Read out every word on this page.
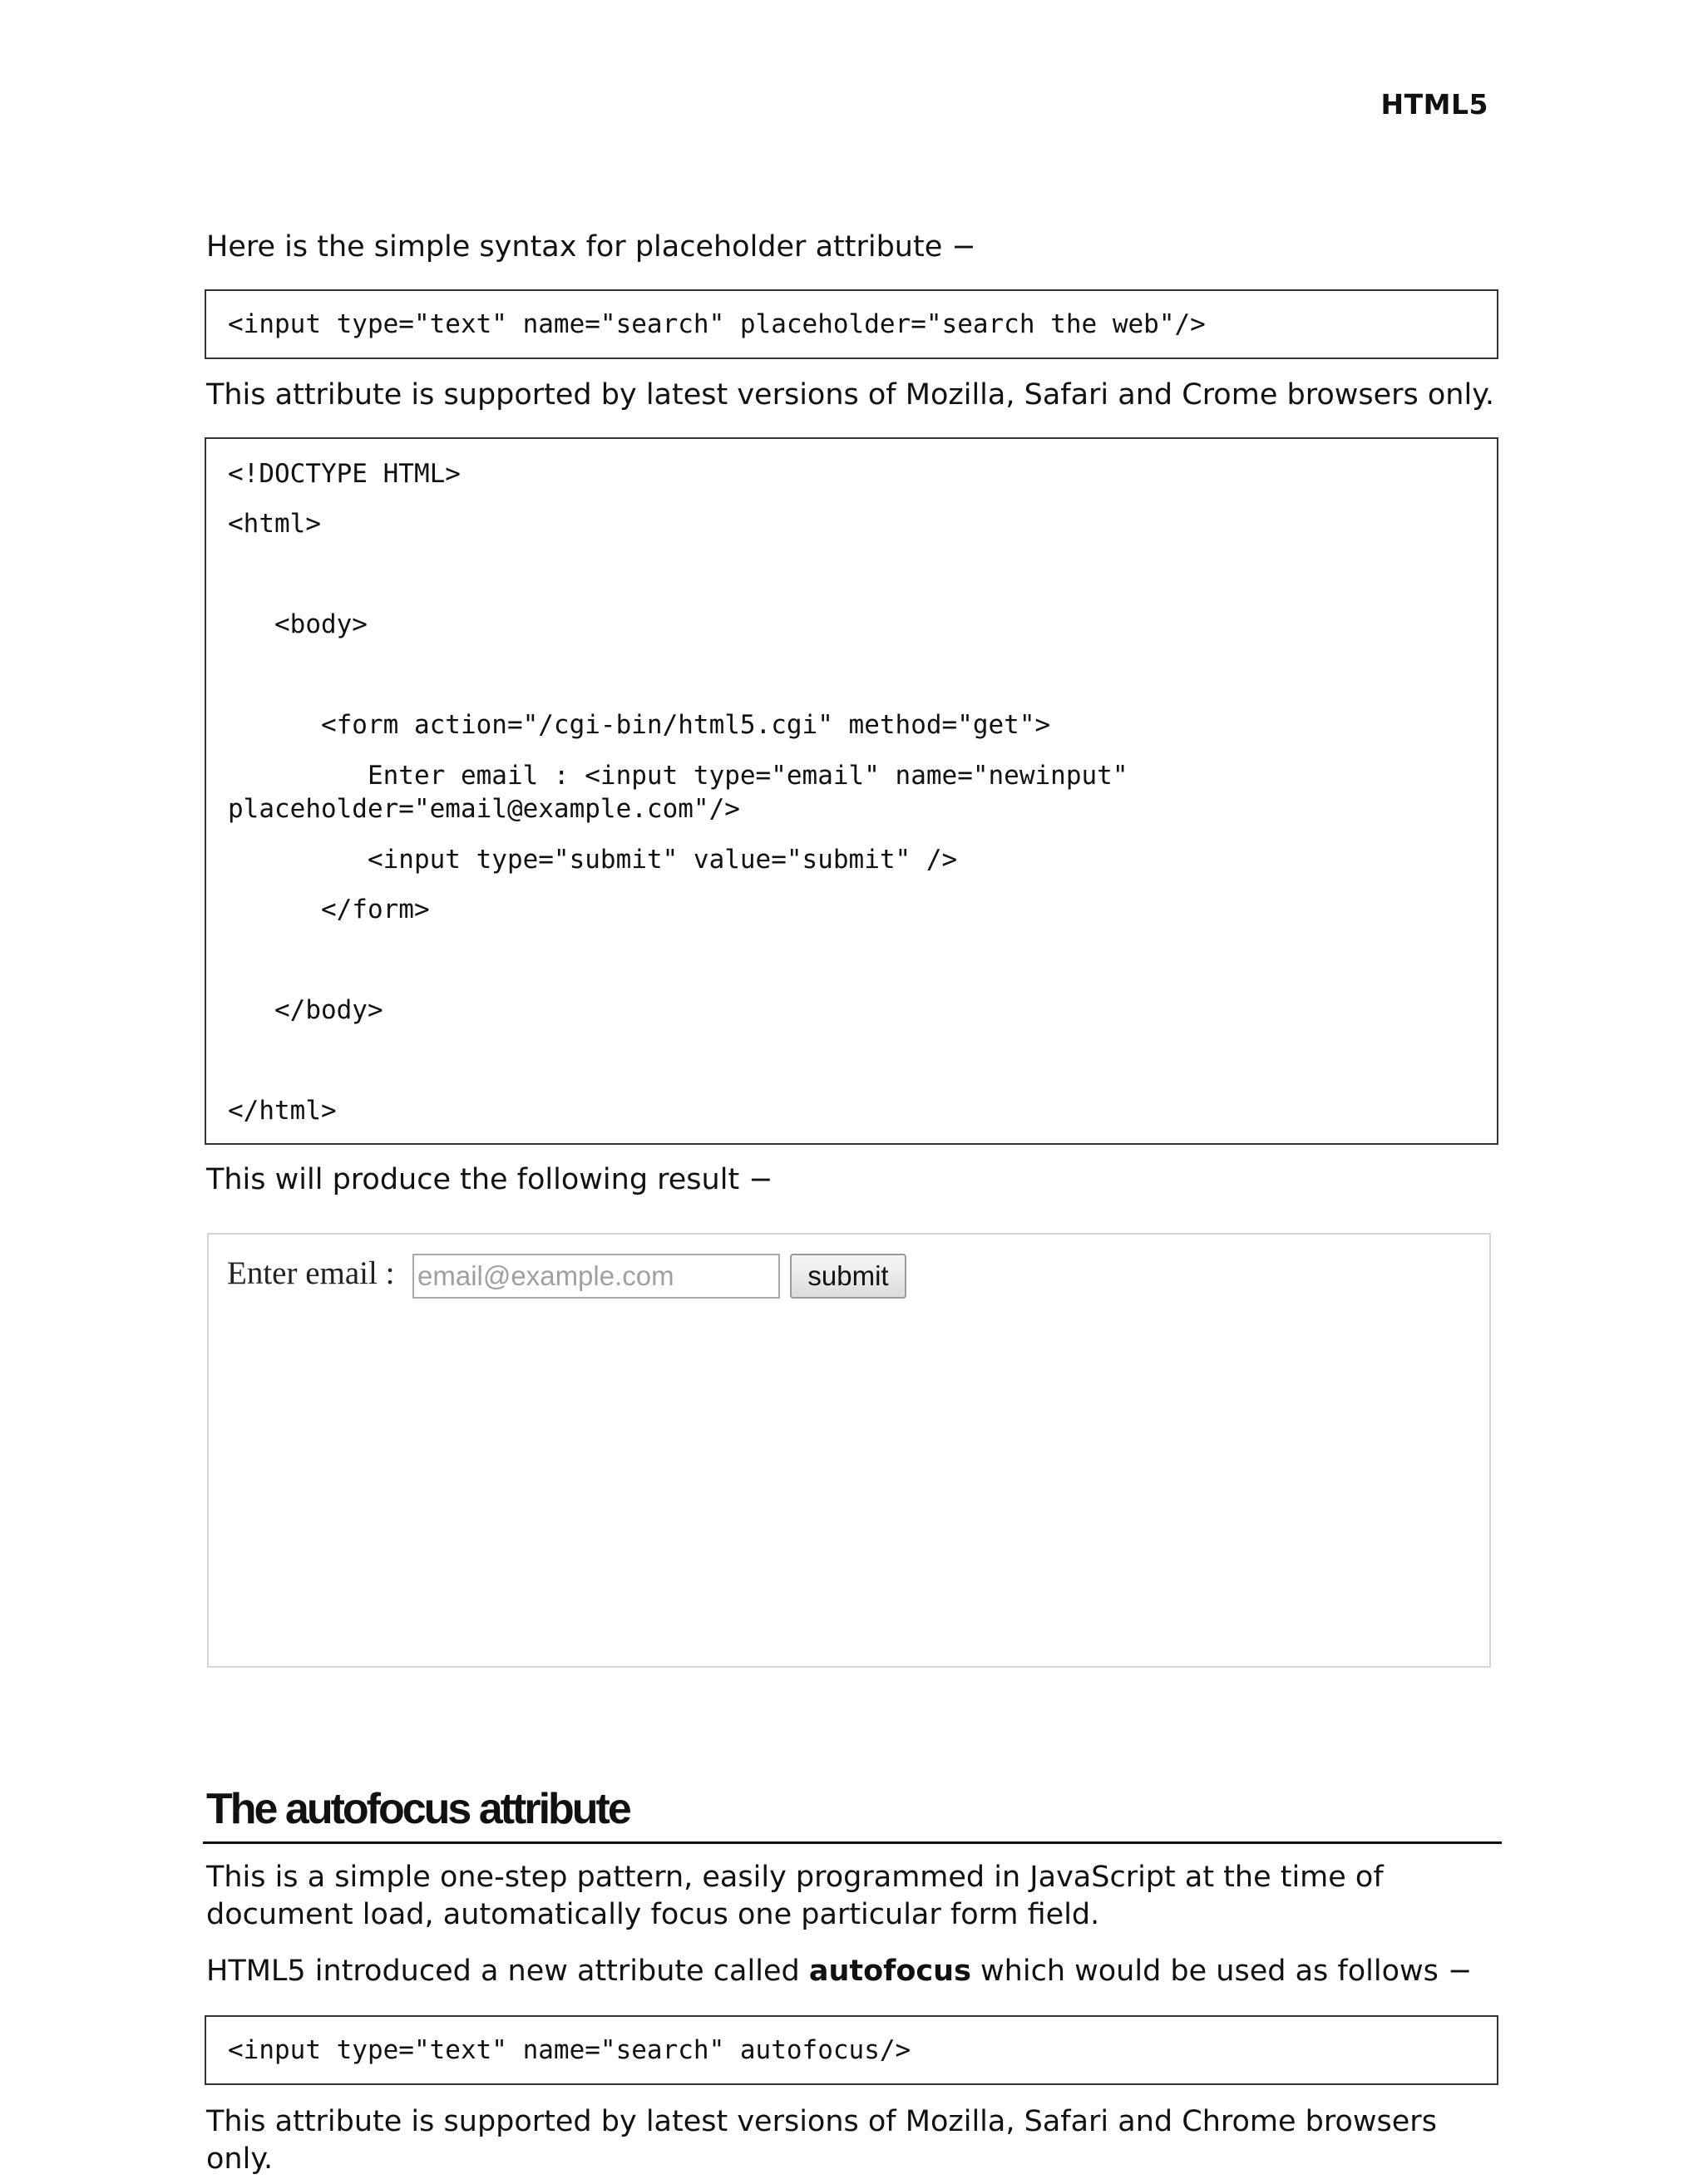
HTML5

Here is the simple syntax for placeholder attribute −

<input type="text" name="search" placeholder="search the web"/>

This attribute is supported by latest versions of Mozilla, Safari and Crome browsers only.

<!DOCTYPE HTML>
<html>
<body>
<form action="/cgi-bin/html5.cgi" method="get">
Enter email : <input type="email" name="newinput"
placeholder="email@example.com"/>
<input type="submit" value="submit" />
</form>
</body>
</html>

This will produce the following result −

Enter email :
email@example.com	submit
The autofocus attribute

This is a simple one-step pattern, easily programmed in JavaScript at the time of document load, automatically focus one particular form field.

HTML5 introduced a new attribute called autofocus which would be used as follows −

<input type="text" name="search" autofocus/>

This attribute is supported by latest versions of Mozilla, Safari and Chrome browsers only.
